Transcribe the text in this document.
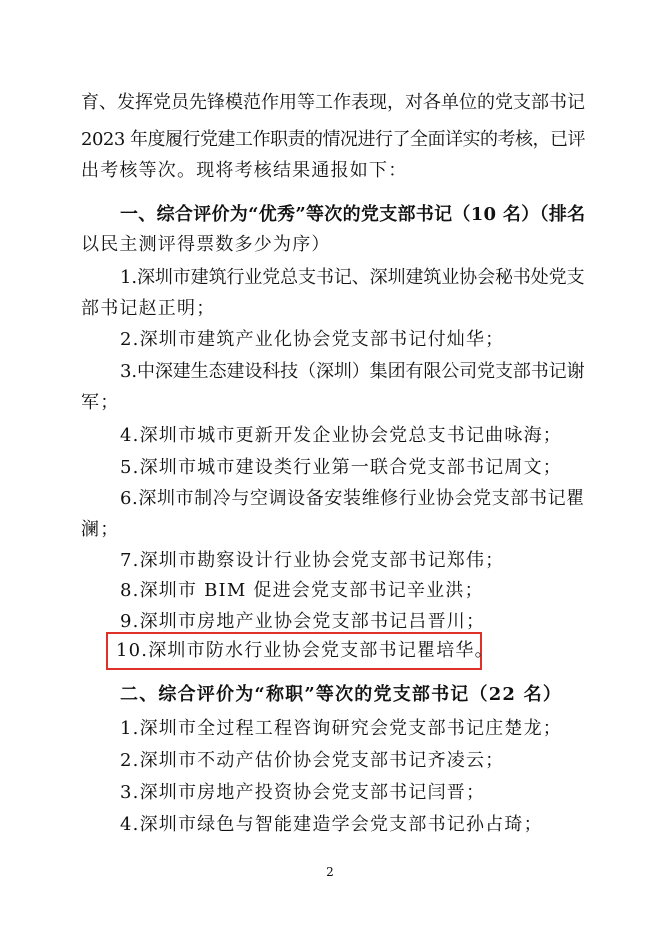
育、发挥党员先锋模范作用等工作表现，对各单位的党支部书记
2023 年度履行党建工作职责的情况进行了全面详实的考核，已评
出考核等次。现将考核结果通报如下：
一、综合评价为“优秀”等次的党支部书记（10 名）（排名
以民主测评得票数多少为序）
1.深圳市建筑行业党总支书记、深圳建筑业协会秘书处党支
部书记赵正明；
2.深圳市建筑产业化协会党支部书记付灿华；
3.中深建生态建设科技（深圳）集团有限公司党支部书记谢
军；
4.深圳市城市更新开发企业协会党总支书记曲咏海；
5.深圳市城市建设类行业第一联合党支部书记周文；
6.深圳市制冷与空调设备安装维修行业协会党支部书记瞿
澜；
7.深圳市勘察设计行业协会党支部书记郑伟；
8.深圳市 BIM 促进会党支部书记辛业洪；
9.深圳市房地产业协会党支部书记吕晋川；
10.深圳市防水行业协会党支部书记瞿培华。
二、综合评价为“称职”等次的党支部书记（22 名）
1.深圳市全过程工程咨询研究会党支部书记庄楚龙；
2.深圳市不动产估价协会党支部书记齐凌云；
3.深圳市房地产投资协会党支部书记闫晋；
4.深圳市绿色与智能建造学会党支部书记孙占琦；
2
